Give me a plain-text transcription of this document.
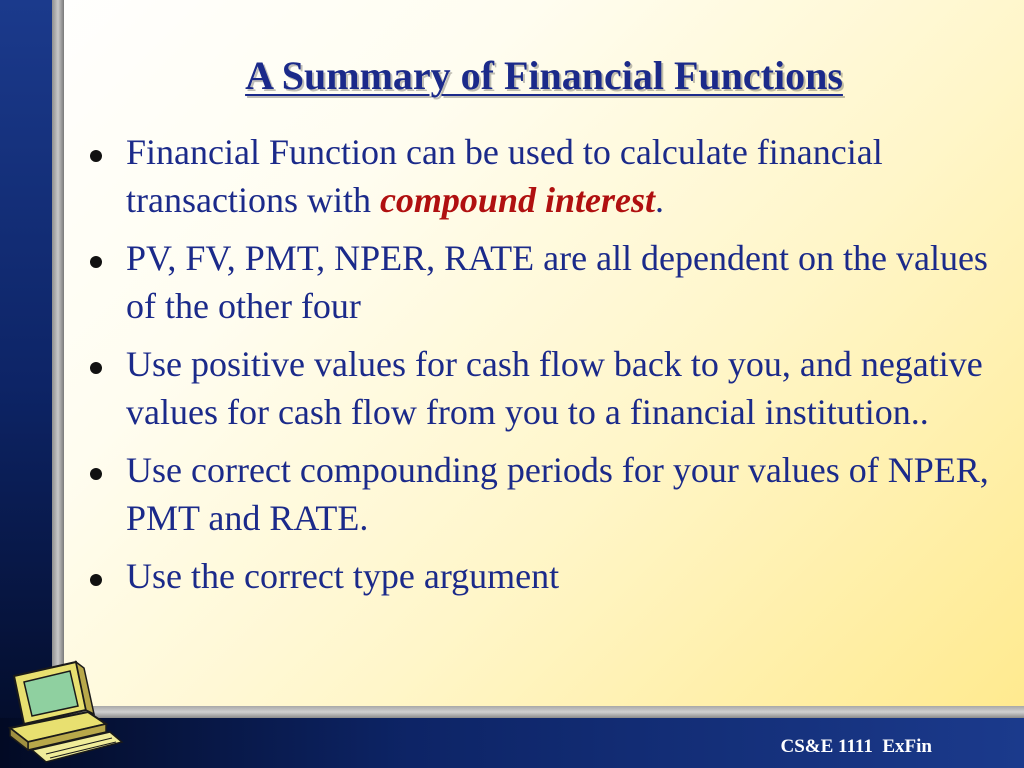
A Summary of Financial Functions
Financial Function can be used to calculate financial transactions with compound interest.
PV, FV, PMT, NPER, RATE are all dependent on the values of the other four
Use positive values for cash flow back to you, and negative values for cash flow from you to a financial institution..
Use correct compounding periods for your values of NPER, PMT and RATE.
Use the correct type argument
CS&E 1111  ExFin
